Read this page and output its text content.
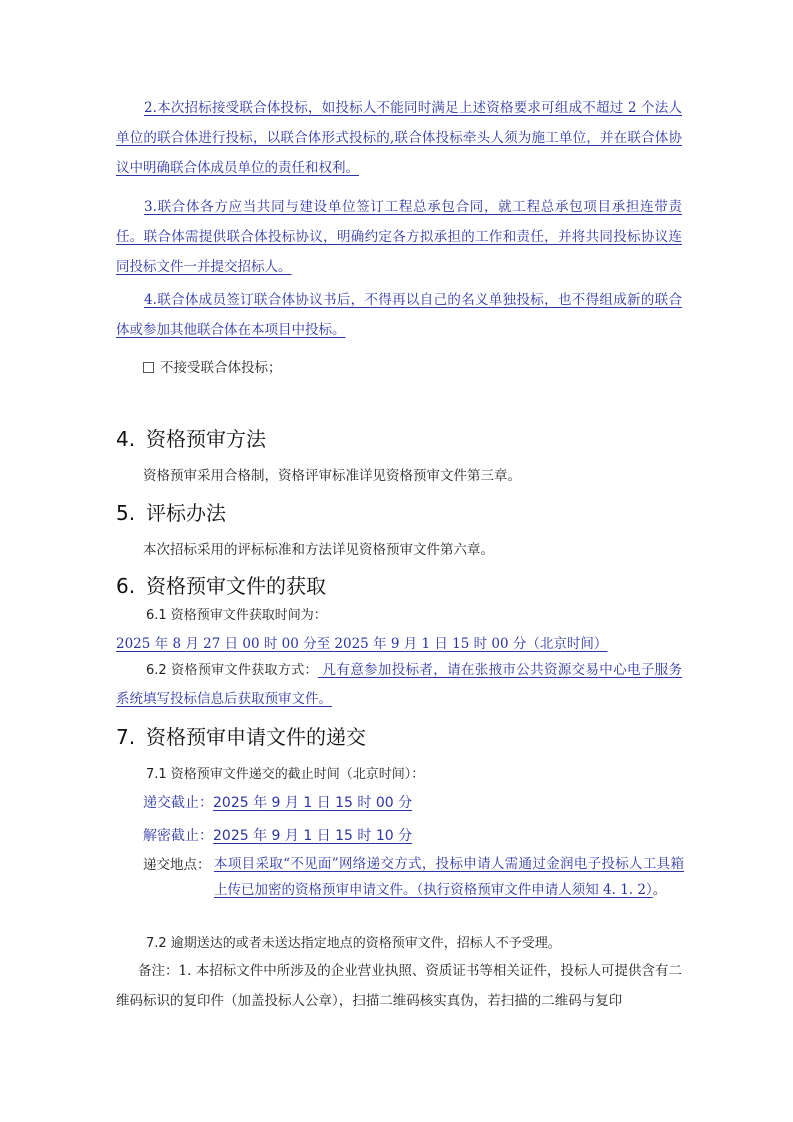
2.本次招标接受联合体投标，如投标人不能同时满足上述资格要求可组成不超过 2 个法人单位的联合体进行投标，以联合体形式投标的,联合体投标牵头人须为施工单位，并在联合体协议中明确联合体成员单位的责任和权利。

3.联合体各方应当共同与建设单位签订工程总承包合同，就工程总承包项目承担连带责任。联合体需提供联合体投标协议，明确约定各方拟承担的工作和责任，并将共同投标协议连同投标文件一并提交招标人。

4.联合体成员签订联合体协议书后，不得再以自己的名义单独投标，也不得组成新的联合体或参加其他联合体在本项目中投标。

不接受联合体投标；
4. 资格预审方法
资格预审采用合格制，资格评审标准详见资格预审文件第三章。
5. 评标办法
本次招标采用的评标标准和方法详见资格预审文件第六章。
6. 资格预审文件的获取
6.1 资格预审文件获取时间为：
2025 年 8 月 27 日 00 时 00 分至 2025 年 9 月 1 日 15 时 00 分（北京时间）

6.2 资格预审文件获取方式： 凡有意参加投标者，请在张掖市公共资源交易中心电子服务系统填写投标信息后获取预审文件。

7. 资格预审申请文件的递交
7.1 资格预审文件递交的截止时间（北京时间）：
递交截止：2025 年 9 月 1 日 15 时 00 分
解密截止：2025 年 9 月 1 日 15 时 10 分
递交地点： 本项目采取“不见面”网络递交方式，投标申请人需通过金润电子投标人工具箱上传已加密的资格预审申请文件。（执行资格预审文件申请人须知 4. 1. 2）。
7.2 逾期送达的或者未送达指定地点的资格预审文件，招标人不予受理。

备注：1. 本招标文件中所涉及的企业营业执照、资质证书等相关证件，投标人可提供含有二维码标识的复印件（加盖投标人公章），扫描二维码核实真伪，若扫描的二维码与复印
